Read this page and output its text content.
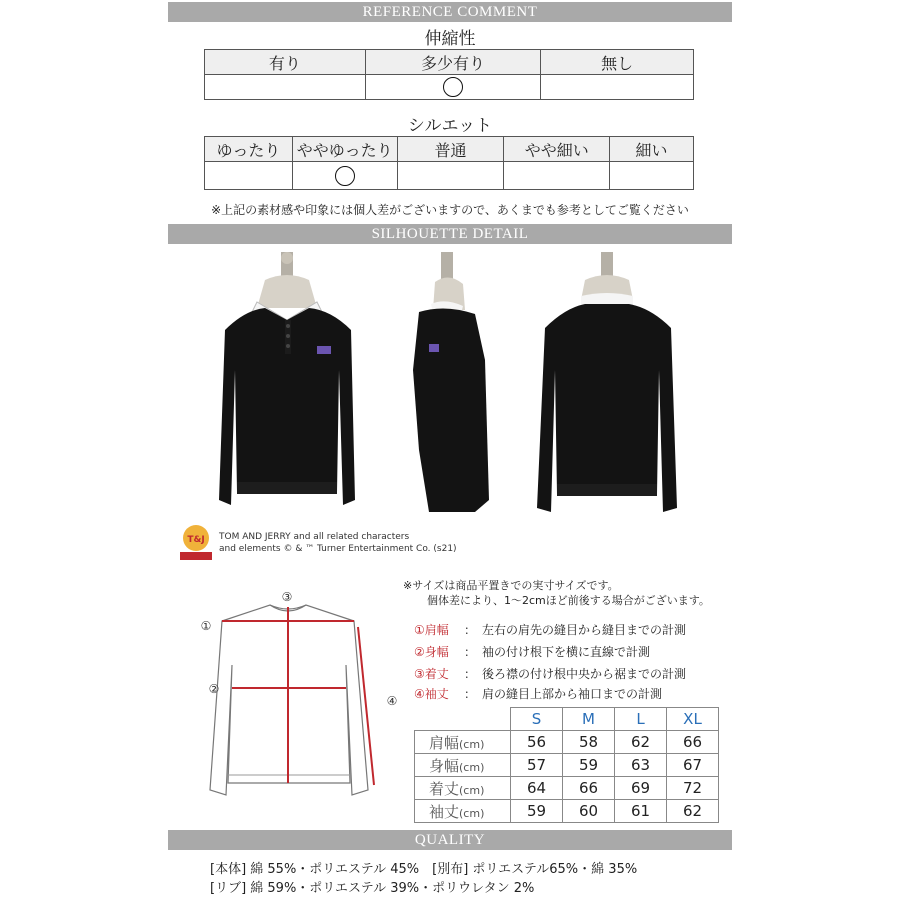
REFERENCE COMMENT
伸縮性
有り	多少有り	無し

シルエット
ゆったり	ややゆったり	普通	やや細い	細い

※上記の素材感や印象には個人差がございますので、あくまでも参考としてご覧ください
SILHOUETTE DETAIL
T&J TOM AND JERRY and all related characters
and elements © & ™ Turner Entertainment Co. (s21)
③
①
②
④
※サイズは商品平置きでの実寸サイズです。
個体差により、1～2cmほど前後する場合がございます。
①肩幅	： 左右の肩先の縫目から縫目までの計測
②身幅	： 袖の付け根下を横に直線で計測
③着丈	： 後ろ襟の付け根中央から裾までの計測
④袖丈	： 肩の縫目上部から袖口までの計測
	S	M	L	XL
肩幅(cm)	56	58	62	66
身幅(cm)	57	59	63	67
着丈(cm)	64	66	69	72
袖丈(cm)	59	60	61	62
QUALITY
[本体] 綿 55%・ポリエステル 45%　[別布] ポリエステル65%・綿 35%
[リブ] 綿 59%・ポリエステル 39%・ポリウレタン 2%
